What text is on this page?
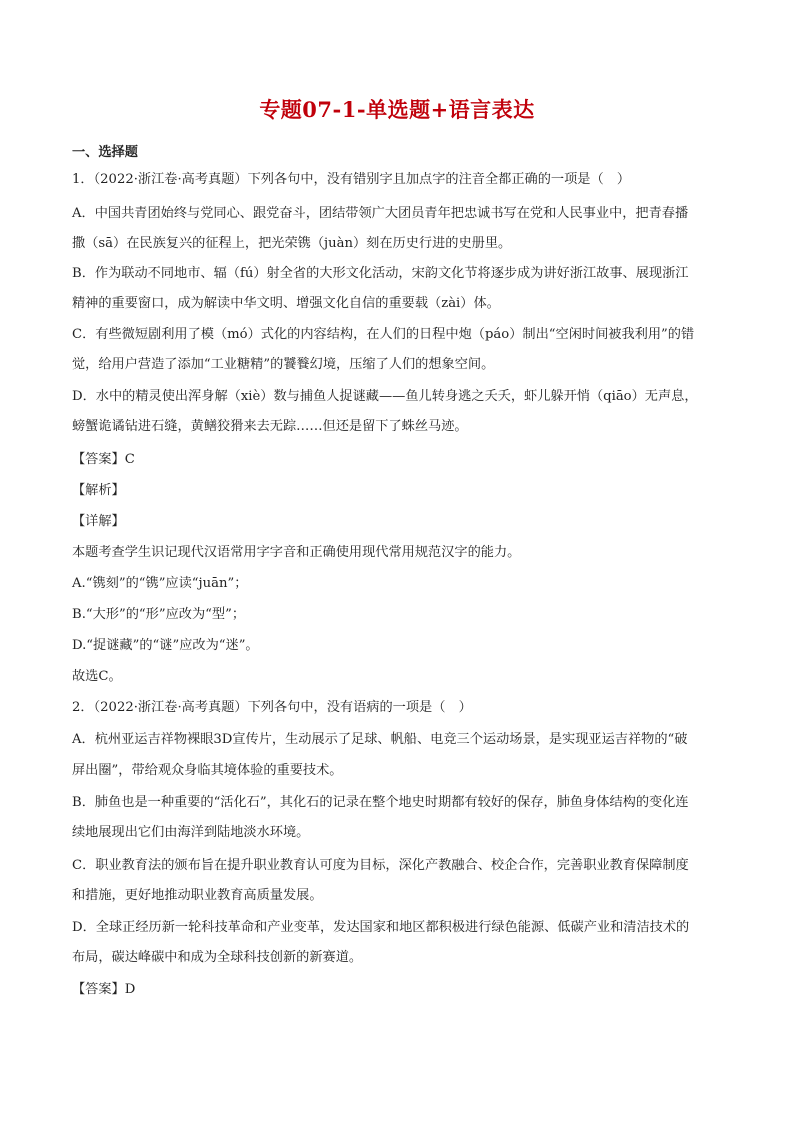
专题07-1-单选题+语言表达
一、选择题
1．（2022·浙江卷·高考真题）下列各句中，没有错别字且加点字的注音全都正确的一项是（　）
A．中国共青团始终与党同心、跟党奋斗，团结带领广大团员青年把忠诚书写在党和人民事业中，把青春播
撒（sā）在民族复兴的征程上，把光荣镌（juàn）刻在历史行进的史册里。
B．作为联动不同地市、辐（fú）射全省的大形文化活动，宋韵文化节将逐步成为讲好浙江故事、展现浙江
精神的重要窗口，成为解读中华文明、增强文化自信的重要载（zài）体。
C．有些微短剧利用了模（mó）式化的内容结构，在人们的日程中炮（páo）制出“空闲时间被我利用”的错
觉，给用户营造了添加“工业糖精”的饕餮幻境，压缩了人们的想象空间。
D．水中的精灵使出浑身解（xiè）数与捕鱼人捉谜藏——鱼儿转身逃之夭夭，虾儿躲开悄（qiāo）无声息，
螃蟹诡谲钻进石缝，黄鳝狡猾来去无踪……但还是留下了蛛丝马迹。
【答案】C
【解析】
【详解】
本题考查学生识记现代汉语常用字字音和正确使用现代常用规范汉字的能力。
A.“镌刻”的“镌”应读“juān”；
B.“大形”的“形”应改为“型”；
D.“捉谜藏”的“谜”应改为“迷”。
故选C。
2．（2022·浙江卷·高考真题）下列各句中，没有语病的一项是（　）
A．杭州亚运吉祥物裸眼3D宣传片，生动展示了足球、帆船、电竞三个运动场景，是实现亚运吉祥物的“破
屏出圈”，带给观众身临其境体验的重要技术。
B．肺鱼也是一种重要的“活化石”，其化石的记录在整个地史时期都有较好的保存，肺鱼身体结构的变化连
续地展现出它们由海洋到陆地淡水环境。
C．职业教育法的颁布旨在提升职业教育认可度为目标，深化产教融合、校企合作，完善职业教育保障制度
和措施，更好地推动职业教育高质量发展。
D．全球正经历新一轮科技革命和产业变革，发达国家和地区都积极进行绿色能源、低碳产业和清洁技术的
布局，碳达峰碳中和成为全球科技创新的新赛道。
【答案】D
